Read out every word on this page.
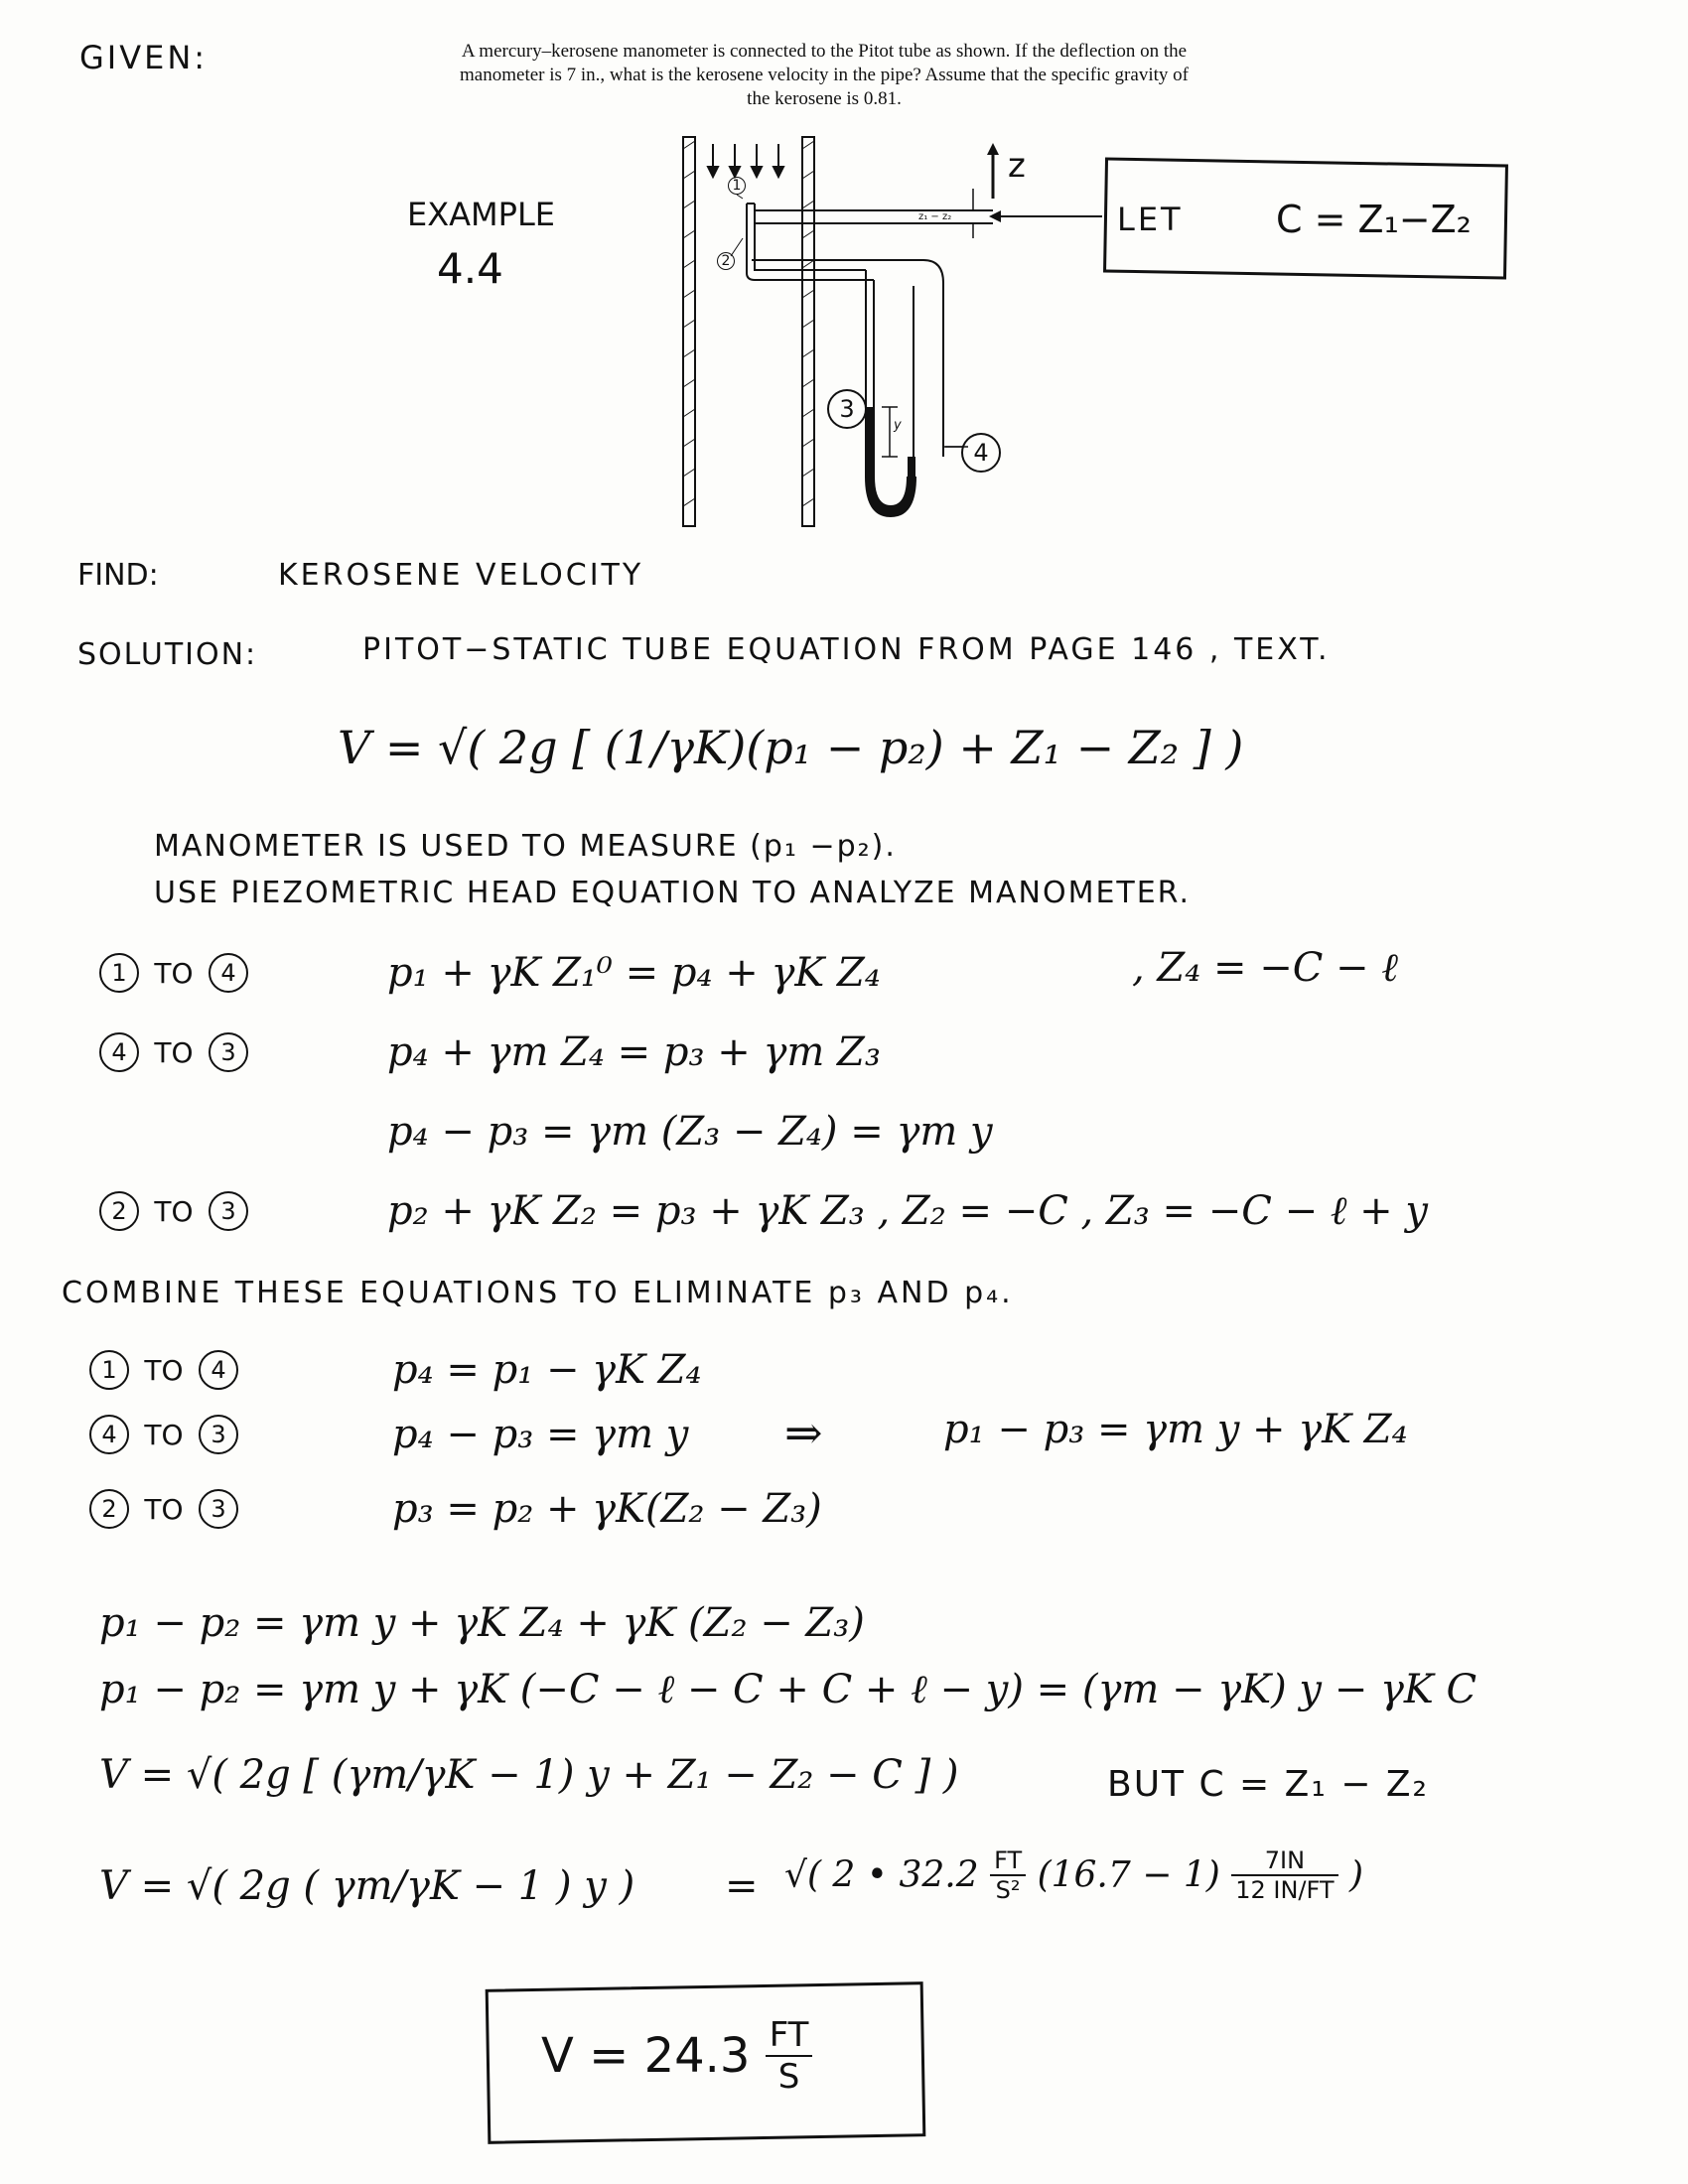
GIVEN:	A mercury–kerosene manometer is connected to the Pitot tube as shown. If the deflection on the manometer is 7 in., what is the kerosene velocity in the pipe? Assume that the specific gravity of the kerosene is 0.81.
EXAMPLE
4.4
1
2
3
4
z
z₁ − z₂
y
LET C = Z₁−Z₂
FIND:	KEROSENE VELOCITY
SOLUTION:	PITOT−STATIC TUBE EQUATION FROM PAGE 146 , TEXT.
V = √( 2g [ (1/γK)(p₁ − p₂) + Z₁ − Z₂ ] )
MANOMETER IS USED TO MEASURE (p₁ −p₂).
USE PIEZOMETRIC HEAD EQUATION TO ANALYZE MANOMETER.
1 TO 4	p₁ + γK Z₁⁰ = p₄ + γK Z₄	, Z₄ = −C − ℓ
4 TO 3	p₄ + γm Z₄ = p₃ + γm Z₃
p₄ − p₃ = γm (Z₃ − Z₄) = γm y
2 TO 3	p₂ + γK Z₂ = p₃ + γK Z₃ , Z₂ = −C , Z₃ = −C − ℓ + y
COMBINE THESE EQUATIONS TO ELIMINATE p₃ AND p₄.
1 TO 4	p₄ = p₁ − γK Z₄
4 TO 3	p₄ − p₃ = γm y ⇒	p₁ − p₃ = γm y + γK Z₄
2 TO 3	p₃ = p₂ + γK(Z₂ − Z₃)
p₁ − p₂ = γm y + γK Z₄ + γK (Z₂ − Z₃)
p₁ − p₂ = γm y + γK (−C − ℓ − C + C + ℓ − y) = (γm − γK) y − γK C
V = √( 2g [ (γm/γK − 1) y + Z₁ − Z₂ − C ] )	BUT C = Z₁ − Z₂
V = √( 2g ( γm/γK − 1 ) y ) = √( 2 • $32.2 \frac{FT}{\text{S²}} (16.7 - 1) \frac{7IN}{12 IN/FT}$ )
$V = 24.3 \frac{FT}{S}$
